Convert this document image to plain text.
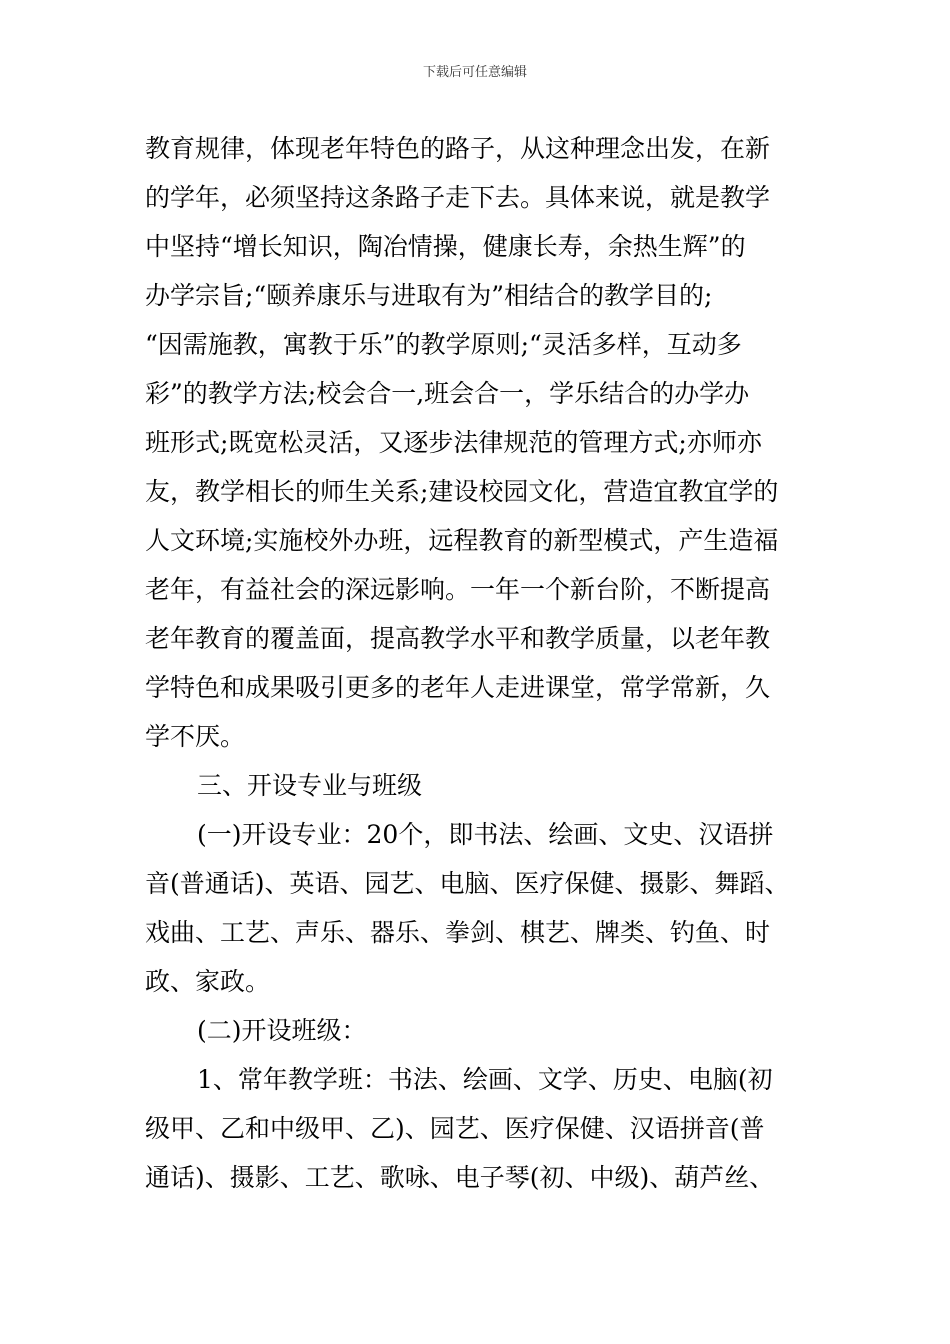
下载后可任意编辑
教育规律，体现老年特色的路子，从这种理念出发，在新
的学年，必须坚持这条路子走下去。具体来说，就是教学
中坚持“增长知识，陶冶情操，健康长寿，余热生辉”的
办学宗旨;“颐养康乐与进取有为”相结合的教学目的;
“因需施教，寓教于乐”的教学原则;“灵活多样，互动多
彩”的教学方法;校会合一,班会合一，学乐结合的办学办
班形式;既宽松灵活，又逐步法律规范的管理方式;亦师亦
友，教学相长的师生关系;建设校园文化，营造宜教宜学的
人文环境;实施校外办班，远程教育的新型模式，产生造福
老年，有益社会的深远影响。一年一个新台阶，不断提高
老年教育的覆盖面，提高教学水平和教学质量，以老年教
学特色和成果吸引更多的老年人走进课堂，常学常新，久
学不厌。
三、开设专业与班级
(一)开设专业：20个，即书法、绘画、文史、汉语拼
音(普通话)、英语、园艺、电脑、医疗保健、摄影、舞蹈、
戏曲、工艺、声乐、器乐、拳剑、棋艺、牌类、钓鱼、时
政、家政。
(二)开设班级：
1、常年教学班：书法、绘画、文学、历史、电脑(初
级甲、乙和中级甲、乙)、园艺、医疗保健、汉语拼音(普
通话)、摄影、工艺、歌咏、电子琴(初、中级)、葫芦丝、
